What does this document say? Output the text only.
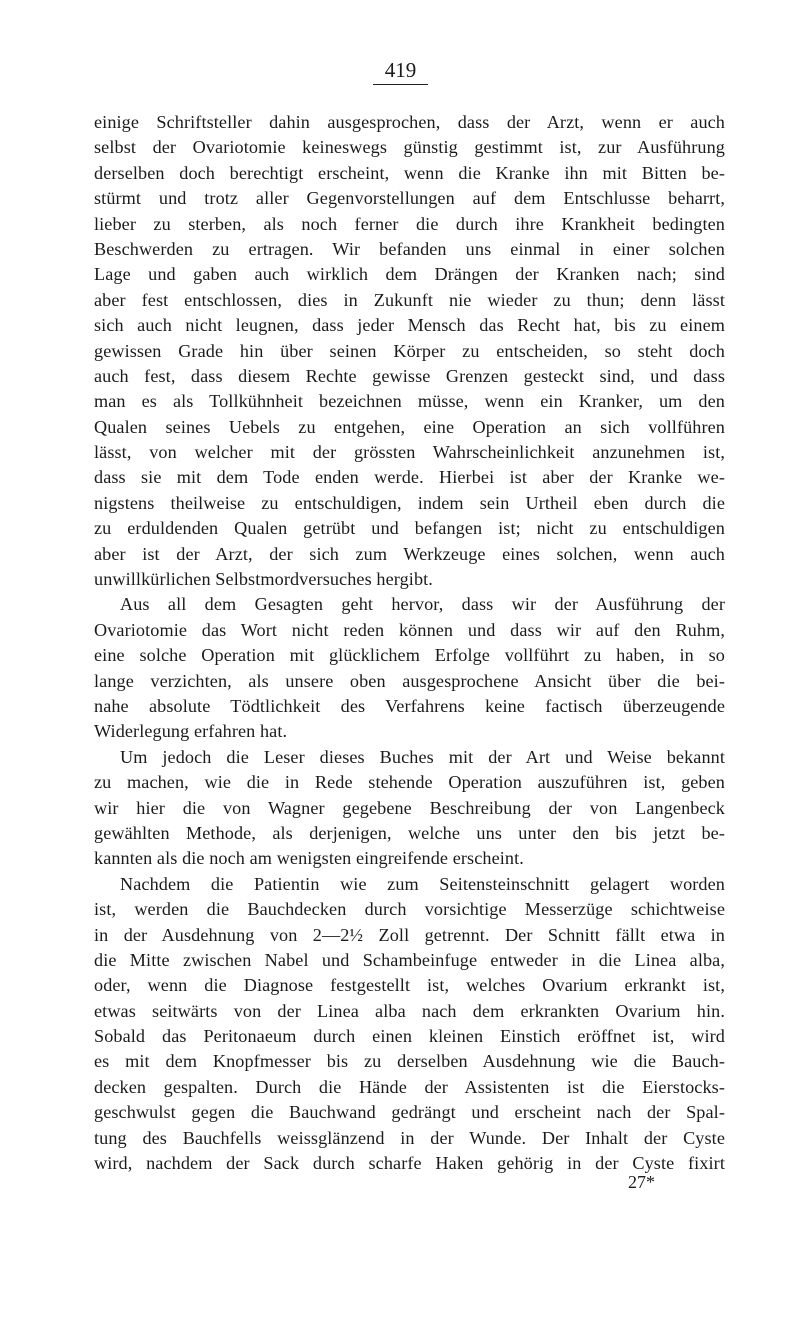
419
einige Schriftsteller dahin ausgesprochen, dass der Arzt, wenn er auch
selbst der Ovariotomie keineswegs günstig gestimmt ist, zur Ausführung
derselben doch berechtigt erscheint, wenn die Kranke ihn mit Bitten be-
stürmt und trotz aller Gegenvorstellungen auf dem Entschlusse beharrt,
lieber zu sterben, als noch ferner die durch ihre Krankheit bedingten
Beschwerden zu ertragen. Wir befanden uns einmal in einer solchen
Lage und gaben auch wirklich dem Drängen der Kranken nach; sind
aber fest entschlossen, dies in Zukunft nie wieder zu thun; denn lässt
sich auch nicht leugnen, dass jeder Mensch das Recht hat, bis zu einem
gewissen Grade hin über seinen Körper zu entscheiden, so steht doch
auch fest, dass diesem Rechte gewisse Grenzen gesteckt sind, und dass
man es als Tollkühnheit bezeichnen müsse, wenn ein Kranker, um den
Qualen seines Uebels zu entgehen, eine Operation an sich vollführen
lässt, von welcher mit der grössten Wahrscheinlichkeit anzunehmen ist,
dass sie mit dem Tode enden werde. Hierbei ist aber der Kranke we-
nigstens theilweise zu entschuldigen, indem sein Urtheil eben durch die
zu erduldenden Qualen getrübt und befangen ist; nicht zu entschuldigen
aber ist der Arzt, der sich zum Werkzeuge eines solchen, wenn auch
unwillkürlichen Selbstmordversuches hergibt.
Aus all dem Gesagten geht hervor, dass wir der Ausführung der
Ovariotomie das Wort nicht reden können und dass wir auf den Ruhm,
eine solche Operation mit glücklichem Erfolge vollführt zu haben, in so
lange verzichten, als unsere oben ausgesprochene Ansicht über die bei-
nahe absolute Tödtlichkeit des Verfahrens keine factisch überzeugende
Widerlegung erfahren hat.
Um jedoch die Leser dieses Buches mit der Art und Weise bekannt
zu machen, wie die in Rede stehende Operation auszuführen ist, geben
wir hier die von Wagner gegebene Beschreibung der von Langenbeck
gewählten Methode, als derjenigen, welche uns unter den bis jetzt be-
kannten als die noch am wenigsten eingreifende erscheint.
Nachdem die Patientin wie zum Seitensteinschnitt gelagert worden
ist, werden die Bauchdecken durch vorsichtige Messerzüge schichtweise
in der Ausdehnung von 2—2½ Zoll getrennt. Der Schnitt fällt etwa in
die Mitte zwischen Nabel und Schambeinfuge entweder in die Linea alba,
oder, wenn die Diagnose festgestellt ist, welches Ovarium erkrankt ist,
etwas seitwärts von der Linea alba nach dem erkrankten Ovarium hin.
Sobald das Peritonaeum durch einen kleinen Einstich eröffnet ist, wird
es mit dem Knopfmesser bis zu derselben Ausdehnung wie die Bauch-
decken gespalten. Durch die Hände der Assistenten ist die Eierstocks-
geschwulst gegen die Bauchwand gedrängt und erscheint nach der Spal-
tung des Bauchfells weissglänzend in der Wunde. Der Inhalt der Cyste
wird, nachdem der Sack durch scharfe Haken gehörig in der Cyste fixirt
27*
